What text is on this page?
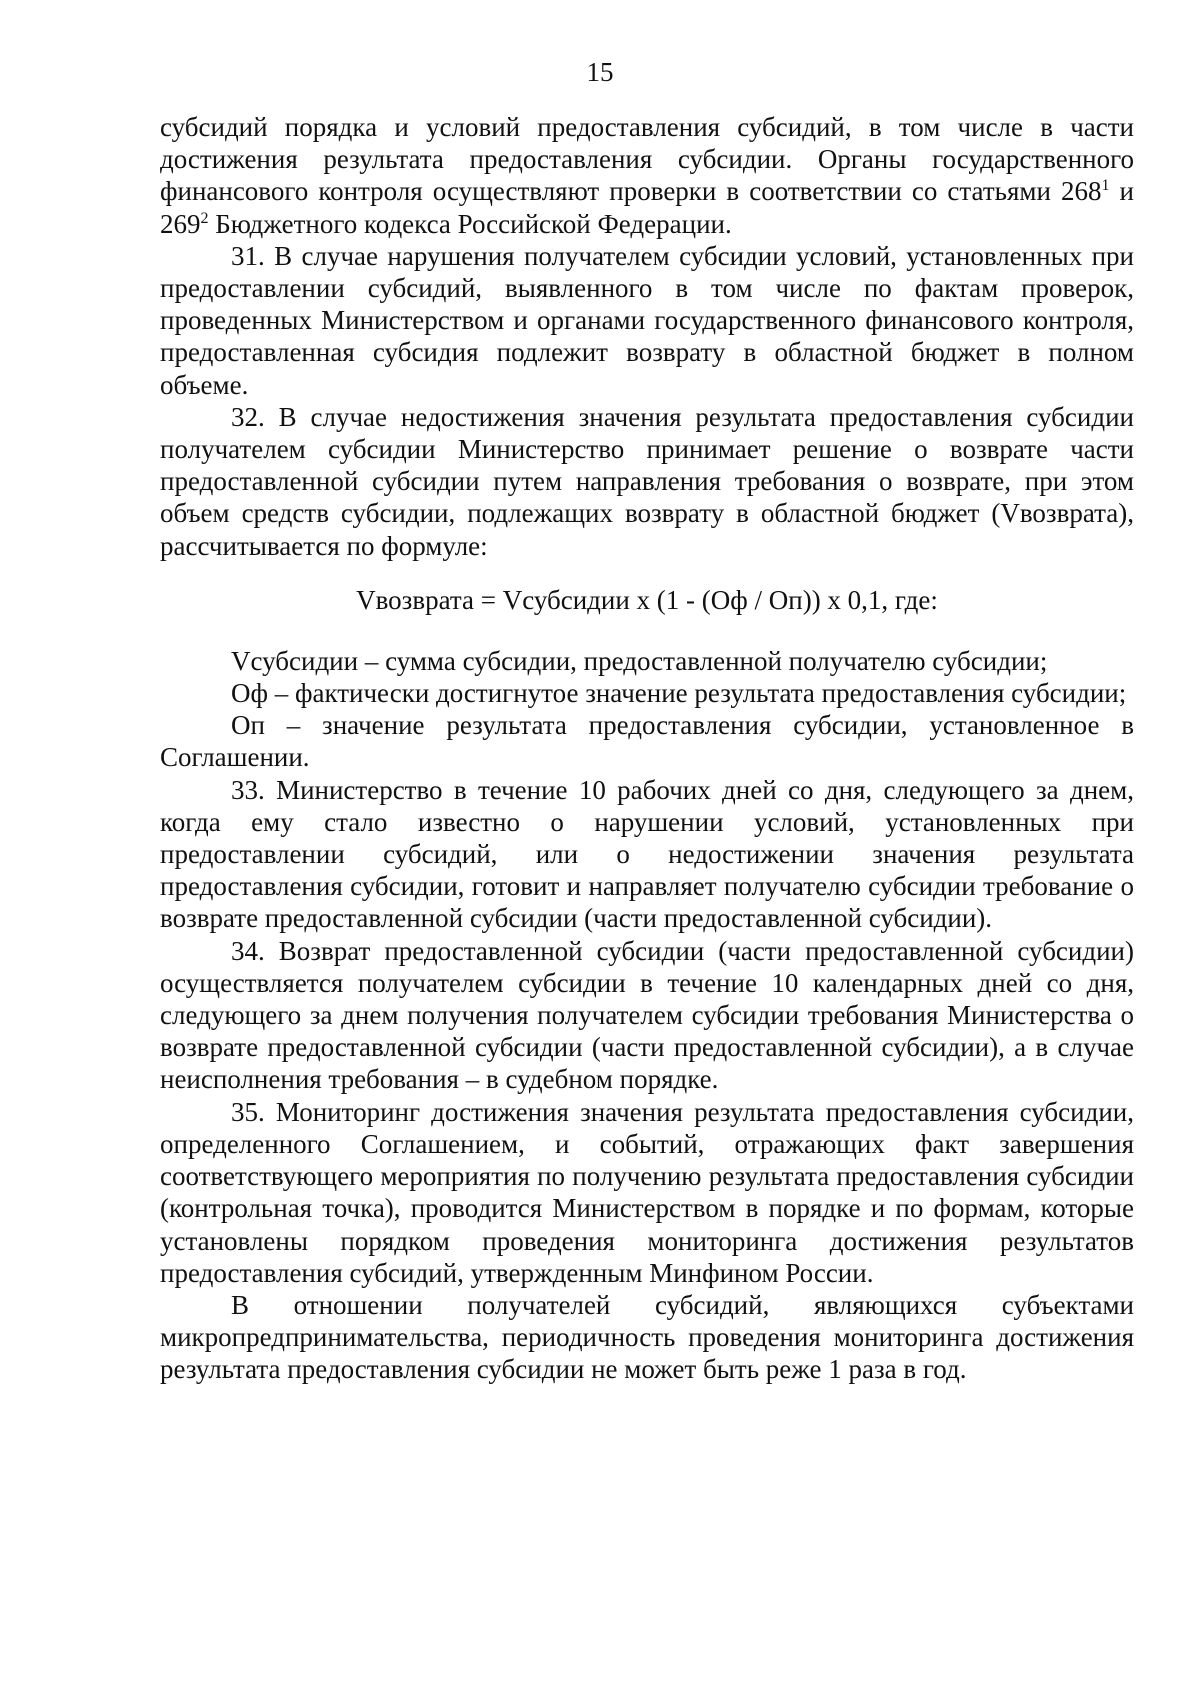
15

субсидий порядка и условий предоставления субсидий, в том числе в части достижения результата предоставления субсидии. Органы государственного финансового контроля осуществляют проверки в соответствии со статьями $268^1$ и $269^2$ Бюджетного кодекса Российской Федерации.

31. В случае нарушения получателем субсидии условий, установленных при предоставлении субсидий, выявленного в том числе по фактам проверок, проведенных Министерством и органами государственного финансового контроля, предоставленная субсидия подлежит возврату в областной бюджет в полном объеме.

32. В случае недостижения значения результата предоставления субсидии получателем субсидии Министерство принимает решение о возврате части предоставленной субсидии путем направления требования о возврате, при этом объем средств субсидии, подлежащих возврату в областной бюджет (Vвозврата), рассчитывается по формуле:

Vвозврата = Vсубсидии x (1 - (Оф / Оп)) x 0,1, где:

Vсубсидии – сумма субсидии, предоставленной получателю субсидии;

Оф – фактически достигнутое значение результата предоставления субсидии;

Оп – значение результата предоставления субсидии, установленное в Соглашении.

33. Министерство в течение 10 рабочих дней со дня, следующего за днем, когда ему стало известно о нарушении условий, установленных при предоставлении субсидий, или о недостижении значения результата предоставления субсидии, готовит и направляет получателю субсидии требование о возврате предоставленной субсидии (части предоставленной субсидии).

34. Возврат предоставленной субсидии (части предоставленной субсидии) осуществляется получателем субсидии в течение 10 календарных дней со дня, следующего за днем получения получателем субсидии требования Министерства о возврате предоставленной субсидии (части предоставленной субсидии), а в случае неисполнения требования – в судебном порядке.

35. Мониторинг достижения значения результата предоставления субсидии, определенного Соглашением, и событий, отражающих факт завершения соответствующего мероприятия по получению результата предоставления субсидии (контрольная точка), проводится Министерством в порядке и по формам, которые установлены порядком проведения мониторинга достижения результатов предоставления субсидий, утвержденным Минфином России.

В отношении получателей субсидий, являющихся субъектами микропредпринимательства, периодичность проведения мониторинга достижения результата предоставления субсидии не может быть реже 1 раза в год.
